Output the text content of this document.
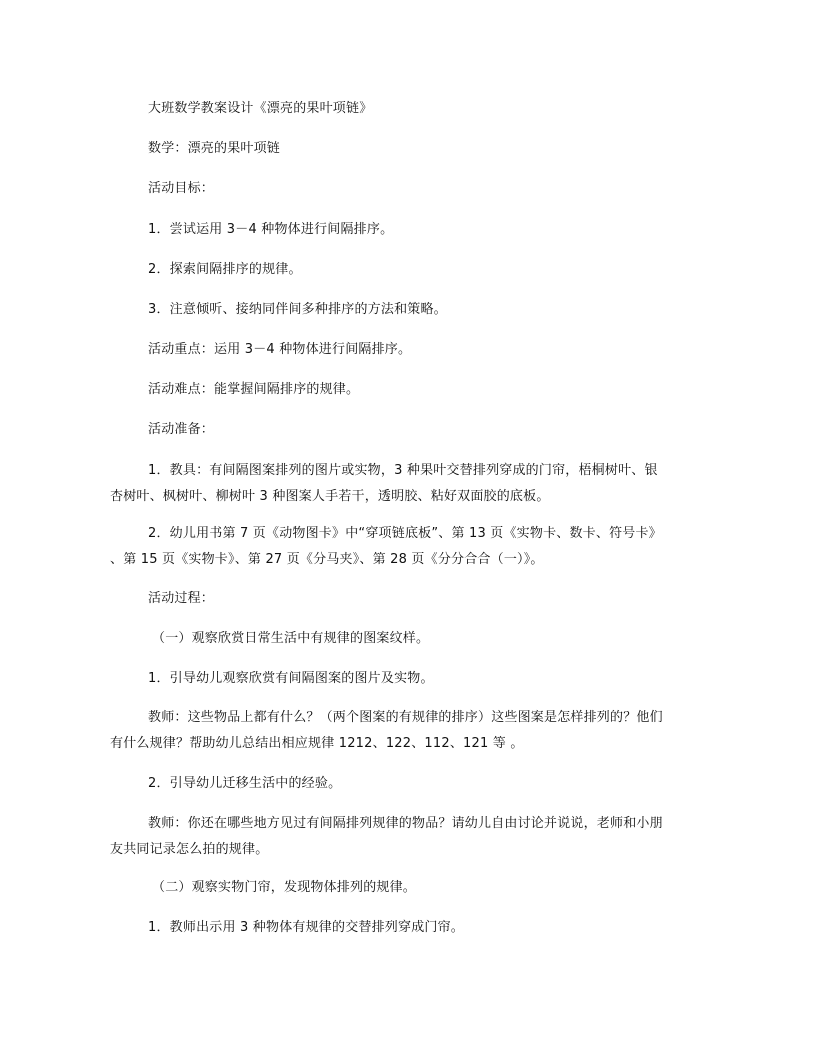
大班数学教案设计《漂亮的果叶项链》
数学：漂亮的果叶项链
活动目标：
1．尝试运用 3－4 种物体进行间隔排序。
2．探索间隔排序的规律。
3．注意倾听、接纳同伴间多种排序的方法和策略。
活动重点：运用 3－4 种物体进行间隔排序。
活动难点：能掌握间隔排序的规律。
活动准备：
1．教具：有间隔图案排列的图片或实物，3 种果叶交替排列穿成的门帘，梧桐树叶、银
杏树叶、枫树叶、柳树叶 3 种图案人手若干，透明胶、粘好双面胶的底板。
2．幼儿用书第 7 页《动物图卡》中“穿项链底板”、第 13 页《实物卡、数卡、符号卡》
、第 15 页《实物卡》、第 27 页《分马夹》、第 28 页《分分合合（一）》。
活动过程：
（一）观察欣赏日常生活中有规律的图案纹样。
1．引导幼儿观察欣赏有间隔图案的图片及实物。
教师：这些物品上都有什么？（两个图案的有规律的排序）这些图案是怎样排列的？他们
有什么规律？帮助幼儿总结出相应规律 1212、122、112、121 等 。
2．引导幼儿迁移生活中的经验。
教师：你还在哪些地方见过有间隔排列规律的物品？请幼儿自由讨论并说说，老师和小朋
友共同记录怎么拍的规律。
（二）观察实物门帘，发现物体排列的规律。
1．教师出示用 3 种物体有规律的交替排列穿成门帘。
